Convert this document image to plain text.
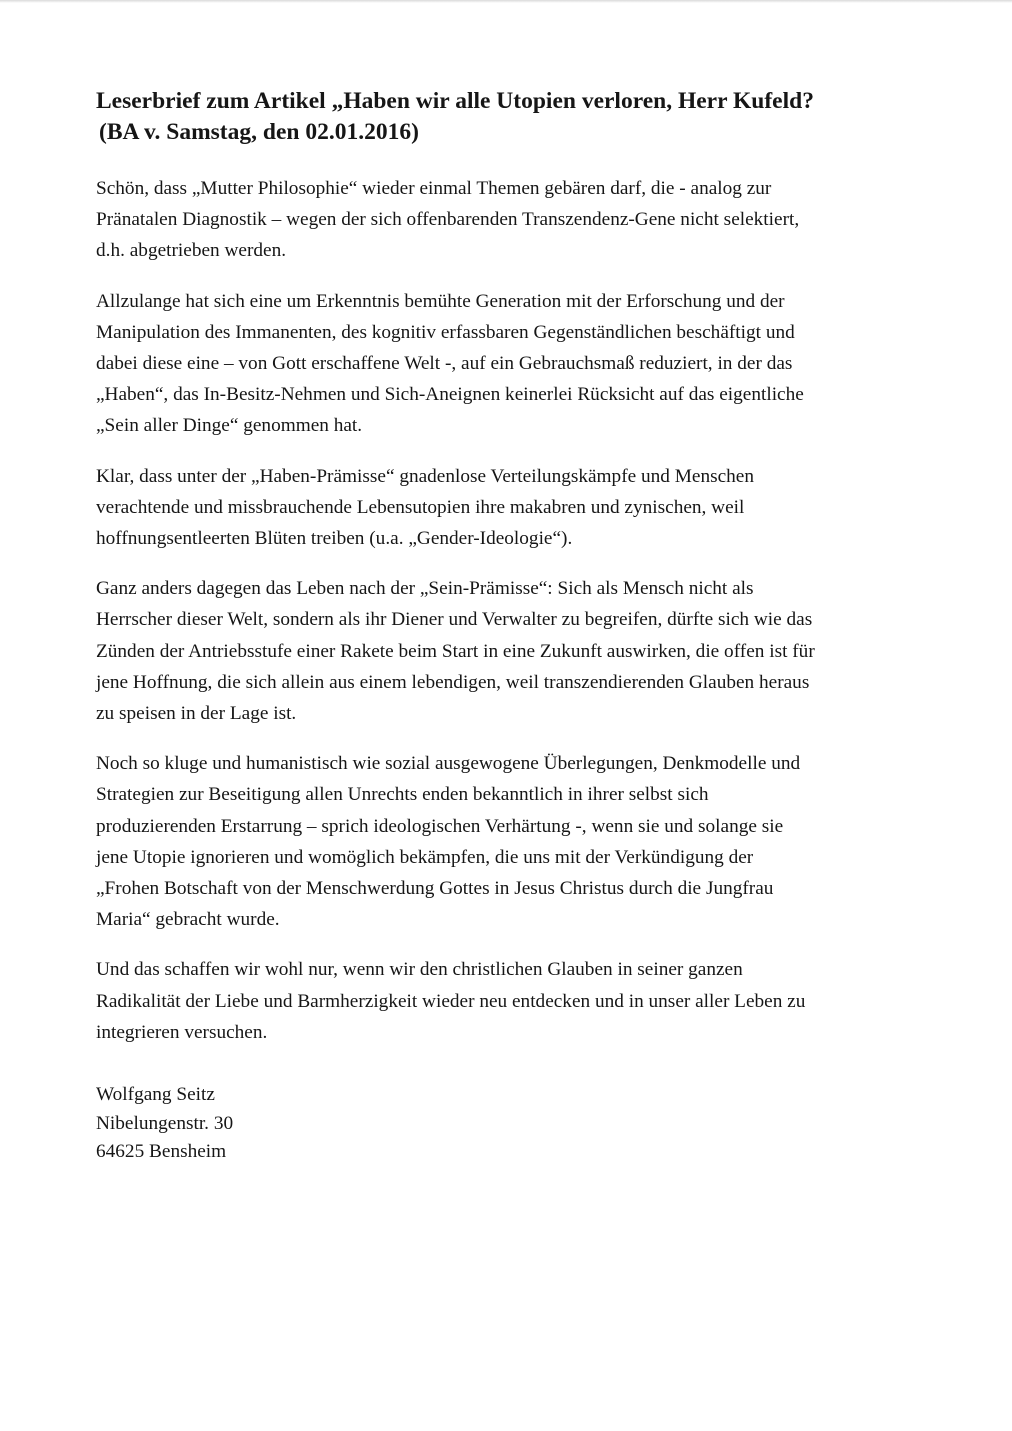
Leserbrief zum Artikel „Haben wir alle Utopien verloren, Herr Kufeld?
(BA v. Samstag, den 02.01.2016)

Schön, dass „Mutter Philosophie“ wieder einmal Themen gebären darf, die - analog zur
Pränatalen Diagnostik – wegen der sich offenbarenden Transzendenz-Gene nicht selektiert,
d.h. abgetrieben werden.

Allzulange hat sich eine um Erkenntnis bemühte Generation mit der Erforschung und der
Manipulation des Immanenten, des kognitiv erfassbaren Gegenständlichen beschäftigt und
dabei diese eine – von Gott erschaffene Welt -, auf ein Gebrauchsmaß reduziert, in der das
„Haben“, das In-Besitz-Nehmen und Sich-Aneignen keinerlei Rücksicht auf das eigentliche
„Sein aller Dinge“ genommen hat.

Klar, dass unter der „Haben-Prämisse“ gnadenlose Verteilungskämpfe und Menschen
verachtende und missbrauchende Lebensutopien ihre makabren und zynischen, weil
hoffnungsentleerten Blüten treiben (u.a. „Gender-Ideologie“).

Ganz anders dagegen das Leben nach der „Sein-Prämisse“: Sich als Mensch nicht als
Herrscher dieser Welt, sondern als ihr Diener und Verwalter zu begreifen, dürfte sich wie das
Zünden der Antriebsstufe einer Rakete beim Start in eine Zukunft auswirken, die offen ist für
jene Hoffnung, die sich allein aus einem lebendigen, weil transzendierenden Glauben heraus
zu speisen in der Lage ist.

Noch so kluge und humanistisch wie sozial ausgewogene Überlegungen, Denkmodelle und
Strategien zur Beseitigung allen Unrechts enden bekanntlich in ihrer selbst sich
produzierenden Erstarrung – sprich ideologischen Verhärtung -, wenn sie und solange sie
jene Utopie ignorieren und womöglich bekämpfen, die uns mit der Verkündigung der
„Frohen Botschaft von der Menschwerdung Gottes in Jesus Christus durch die Jungfrau
Maria“ gebracht wurde.

Und das schaffen wir wohl nur, wenn wir den christlichen Glauben in seiner ganzen
Radikalität der Liebe und Barmherzigkeit wieder neu entdecken und in unser aller Leben zu
integrieren versuchen.

Wolfgang Seitz
Nibelungenstr. 30
64625 Bensheim
